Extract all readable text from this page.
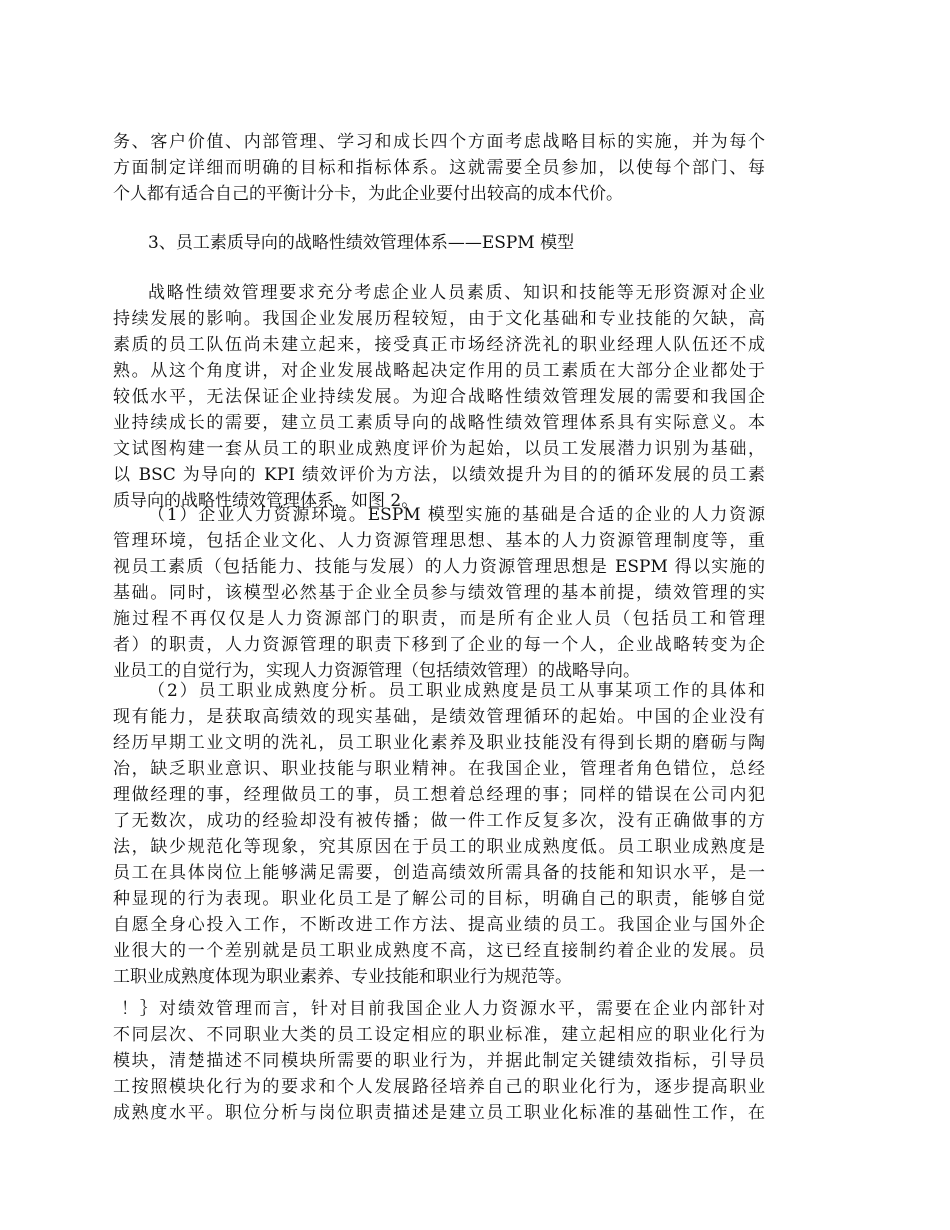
务、客户价值、内部管理、学习和成长四个方面考虑战略目标的实施，并为每个
方面制定详细而明确的目标和指标体系。这就需要全员参加，以使每个部门、每
个人都有适合自己的平衡计分卡，为此企业要付出较高的成本代价。
3、员工素质导向的战略性绩效管理体系——ESPM 模型
战略性绩效管理要求充分考虑企业人员素质、知识和技能等无形资源对企业
持续发展的影响。我国企业发展历程较短，由于文化基础和专业技能的欠缺，高
素质的员工队伍尚未建立起来，接受真正市场经济洗礼的职业经理人队伍还不成
熟。从这个角度讲，对企业发展战略起决定作用的员工素质在大部分企业都处于
较低水平，无法保证企业持续发展。为迎合战略性绩效管理发展的需要和我国企
业持续成长的需要，建立员工素质导向的战略性绩效管理体系具有实际意义。本
文试图构建一套从员工的职业成熟度评价为起始，以员工发展潜力识别为基础，
以 BSC 为导向的 KPI 绩效评价为方法，以绩效提升为目的的循环发展的员工素
质导向的战略性绩效管理体系，如图 2。
（1）企业人力资源环境。ESPM 模型实施的基础是合适的企业的人力资源
管理环境，包括企业文化、人力资源管理思想、基本的人力资源管理制度等，重
视员工素质（包括能力、技能与发展）的人力资源管理思想是 ESPM 得以实施的
基础。同时，该模型必然基于企业全员参与绩效管理的基本前提，绩效管理的实
施过程不再仅仅是人力资源部门的职责，而是所有企业人员（包括员工和管理
者）的职责，人力资源管理的职责下移到了企业的每一个人，企业战略转变为企
业员工的自觉行为，实现人力资源管理（包括绩效管理）的战略导向。
（2）员工职业成熟度分析。员工职业成熟度是员工从事某项工作的具体和
现有能力，是获取高绩效的现实基础，是绩效管理循环的起始。中国的企业没有
经历早期工业文明的洗礼，员工职业化素养及职业技能没有得到长期的磨砺与陶
冶，缺乏职业意识、职业技能与职业精神。在我国企业，管理者角色错位，总经
理做经理的事，经理做员工的事，员工想着总经理的事；同样的错误在公司内犯
了无数次，成功的经验却没有被传播；做一件工作反复多次，没有正确做事的方
法，缺少规范化等现象，究其原因在于员工的职业成熟度低。员工职业成熟度是
员工在具体岗位上能够满足需要，创造高绩效所需具备的技能和知识水平，是一
种显现的行为表现。职业化员工是了解公司的目标，明确自己的职责，能够自觉
自愿全身心投入工作，不断改进工作方法、提高业绩的员工。我国企业与国外企
业很大的一个差别就是员工职业成熟度不高，这已经直接制约着企业的发展。员
工职业成熟度体现为职业素养、专业技能和职业行为规范等。
！｝对绩效管理而言，针对目前我国企业人力资源水平，需要在企业内部针对
不同层次、不同职业大类的员工设定相应的职业标准，建立起相应的职业化行为
模块，清楚描述不同模块所需要的职业行为，并据此制定关键绩效指标，引导员
工按照模块化行为的要求和个人发展路径培养自己的职业化行为，逐步提高职业
成熟度水平。职位分析与岗位职责描述是建立员工职业化标准的基础性工作，在
